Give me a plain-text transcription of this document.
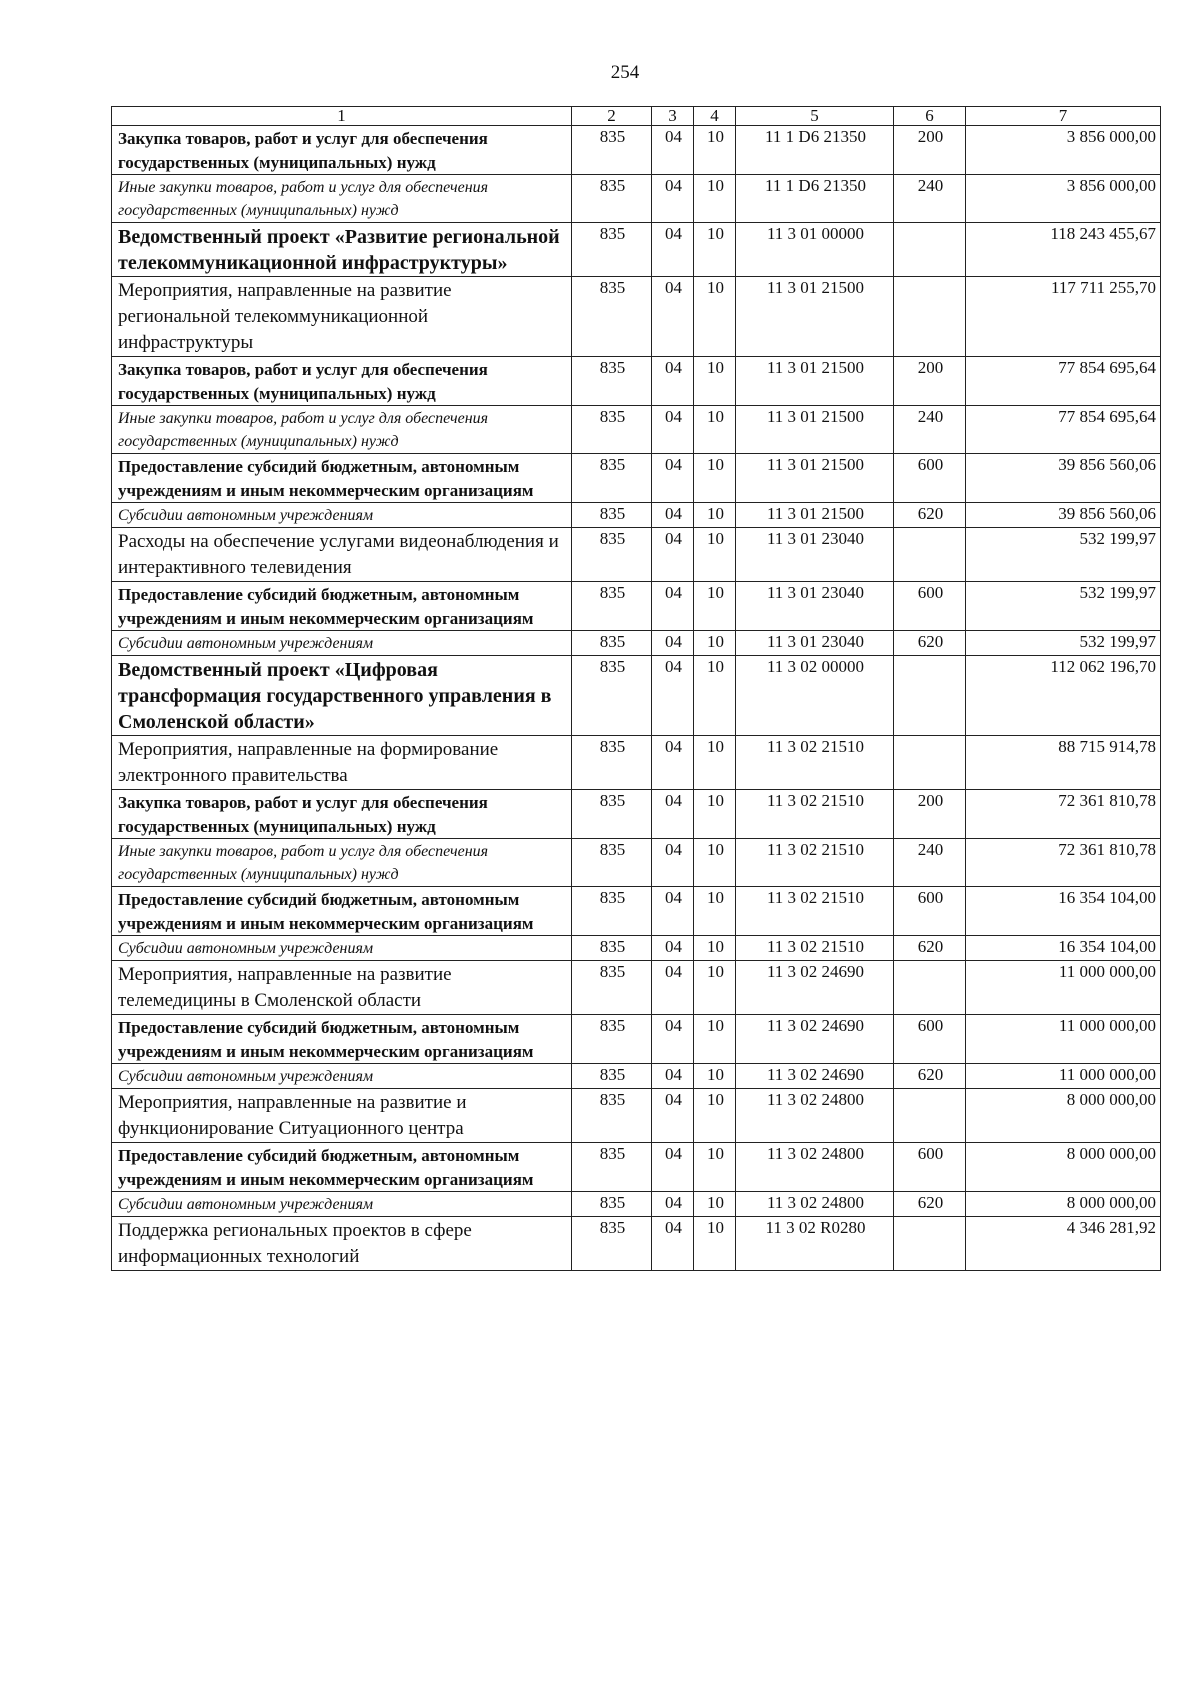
254
1	2	3	4	5	6	7
Закупка товаров, работ и услуг для обеспечения государственных (муниципальных) нужд	835	04	10	11 1 D6 21350	200	3 856 000,00
Иные закупки товаров, работ и услуг для обеспечения государственных (муниципальных) нужд	835	04	10	11 1 D6 21350	240	3 856 000,00
Ведомственный проект «Развитие региональной телекоммуникационной инфраструктуры»	835	04	10	11 3 01 00000		118 243 455,67
Мероприятия, направленные на развитие региональной телекоммуникационной инфраструктуры	835	04	10	11 3 01 21500		117 711 255,70
Закупка товаров, работ и услуг для обеспечения государственных (муниципальных) нужд	835	04	10	11 3 01 21500	200	77 854 695,64
Иные закупки товаров, работ и услуг для обеспечения государственных (муниципальных) нужд	835	04	10	11 3 01 21500	240	77 854 695,64
Предоставление субсидий бюджетным, автономным учреждениям и иным некоммерческим организациям	835	04	10	11 3 01 21500	600	39 856 560,06
Субсидии автономным учреждениям	835	04	10	11 3 01 21500	620	39 856 560,06
Расходы на обеспечение услугами видеонаблюдения и интерактивного телевидения	835	04	10	11 3 01 23040		532 199,97
Предоставление субсидий бюджетным, автономным учреждениям и иным некоммерческим организациям	835	04	10	11 3 01 23040	600	532 199,97
Субсидии автономным учреждениям	835	04	10	11 3 01 23040	620	532 199,97
Ведомственный проект «Цифровая трансформация государственного управления в Смоленской области»	835	04	10	11 3 02 00000		112 062 196,70
Мероприятия, направленные на формирование электронного правительства	835	04	10	11 3 02 21510		88 715 914,78
Закупка товаров, работ и услуг для обеспечения государственных (муниципальных) нужд	835	04	10	11 3 02 21510	200	72 361 810,78
Иные закупки товаров, работ и услуг для обеспечения государственных (муниципальных) нужд	835	04	10	11 3 02 21510	240	72 361 810,78
Предоставление субсидий бюджетным, автономным учреждениям и иным некоммерческим организациям	835	04	10	11 3 02 21510	600	16 354 104,00
Субсидии автономным учреждениям	835	04	10	11 3 02 21510	620	16 354 104,00
Мероприятия, направленные на развитие телемедицины в Смоленской области	835	04	10	11 3 02 24690		11 000 000,00
Предоставление субсидий бюджетным, автономным учреждениям и иным некоммерческим организациям	835	04	10	11 3 02 24690	600	11 000 000,00
Субсидии автономным учреждениям	835	04	10	11 3 02 24690	620	11 000 000,00
Мероприятия, направленные на развитие и функционирование Ситуационного центра	835	04	10	11 3 02 24800		8 000 000,00
Предоставление субсидий бюджетным, автономным учреждениям и иным некоммерческим организациям	835	04	10	11 3 02 24800	600	8 000 000,00
Субсидии автономным учреждениям	835	04	10	11 3 02 24800	620	8 000 000,00
Поддержка региональных проектов в сфере информационных технологий	835	04	10	11 3 02 R0280		4 346 281,92
